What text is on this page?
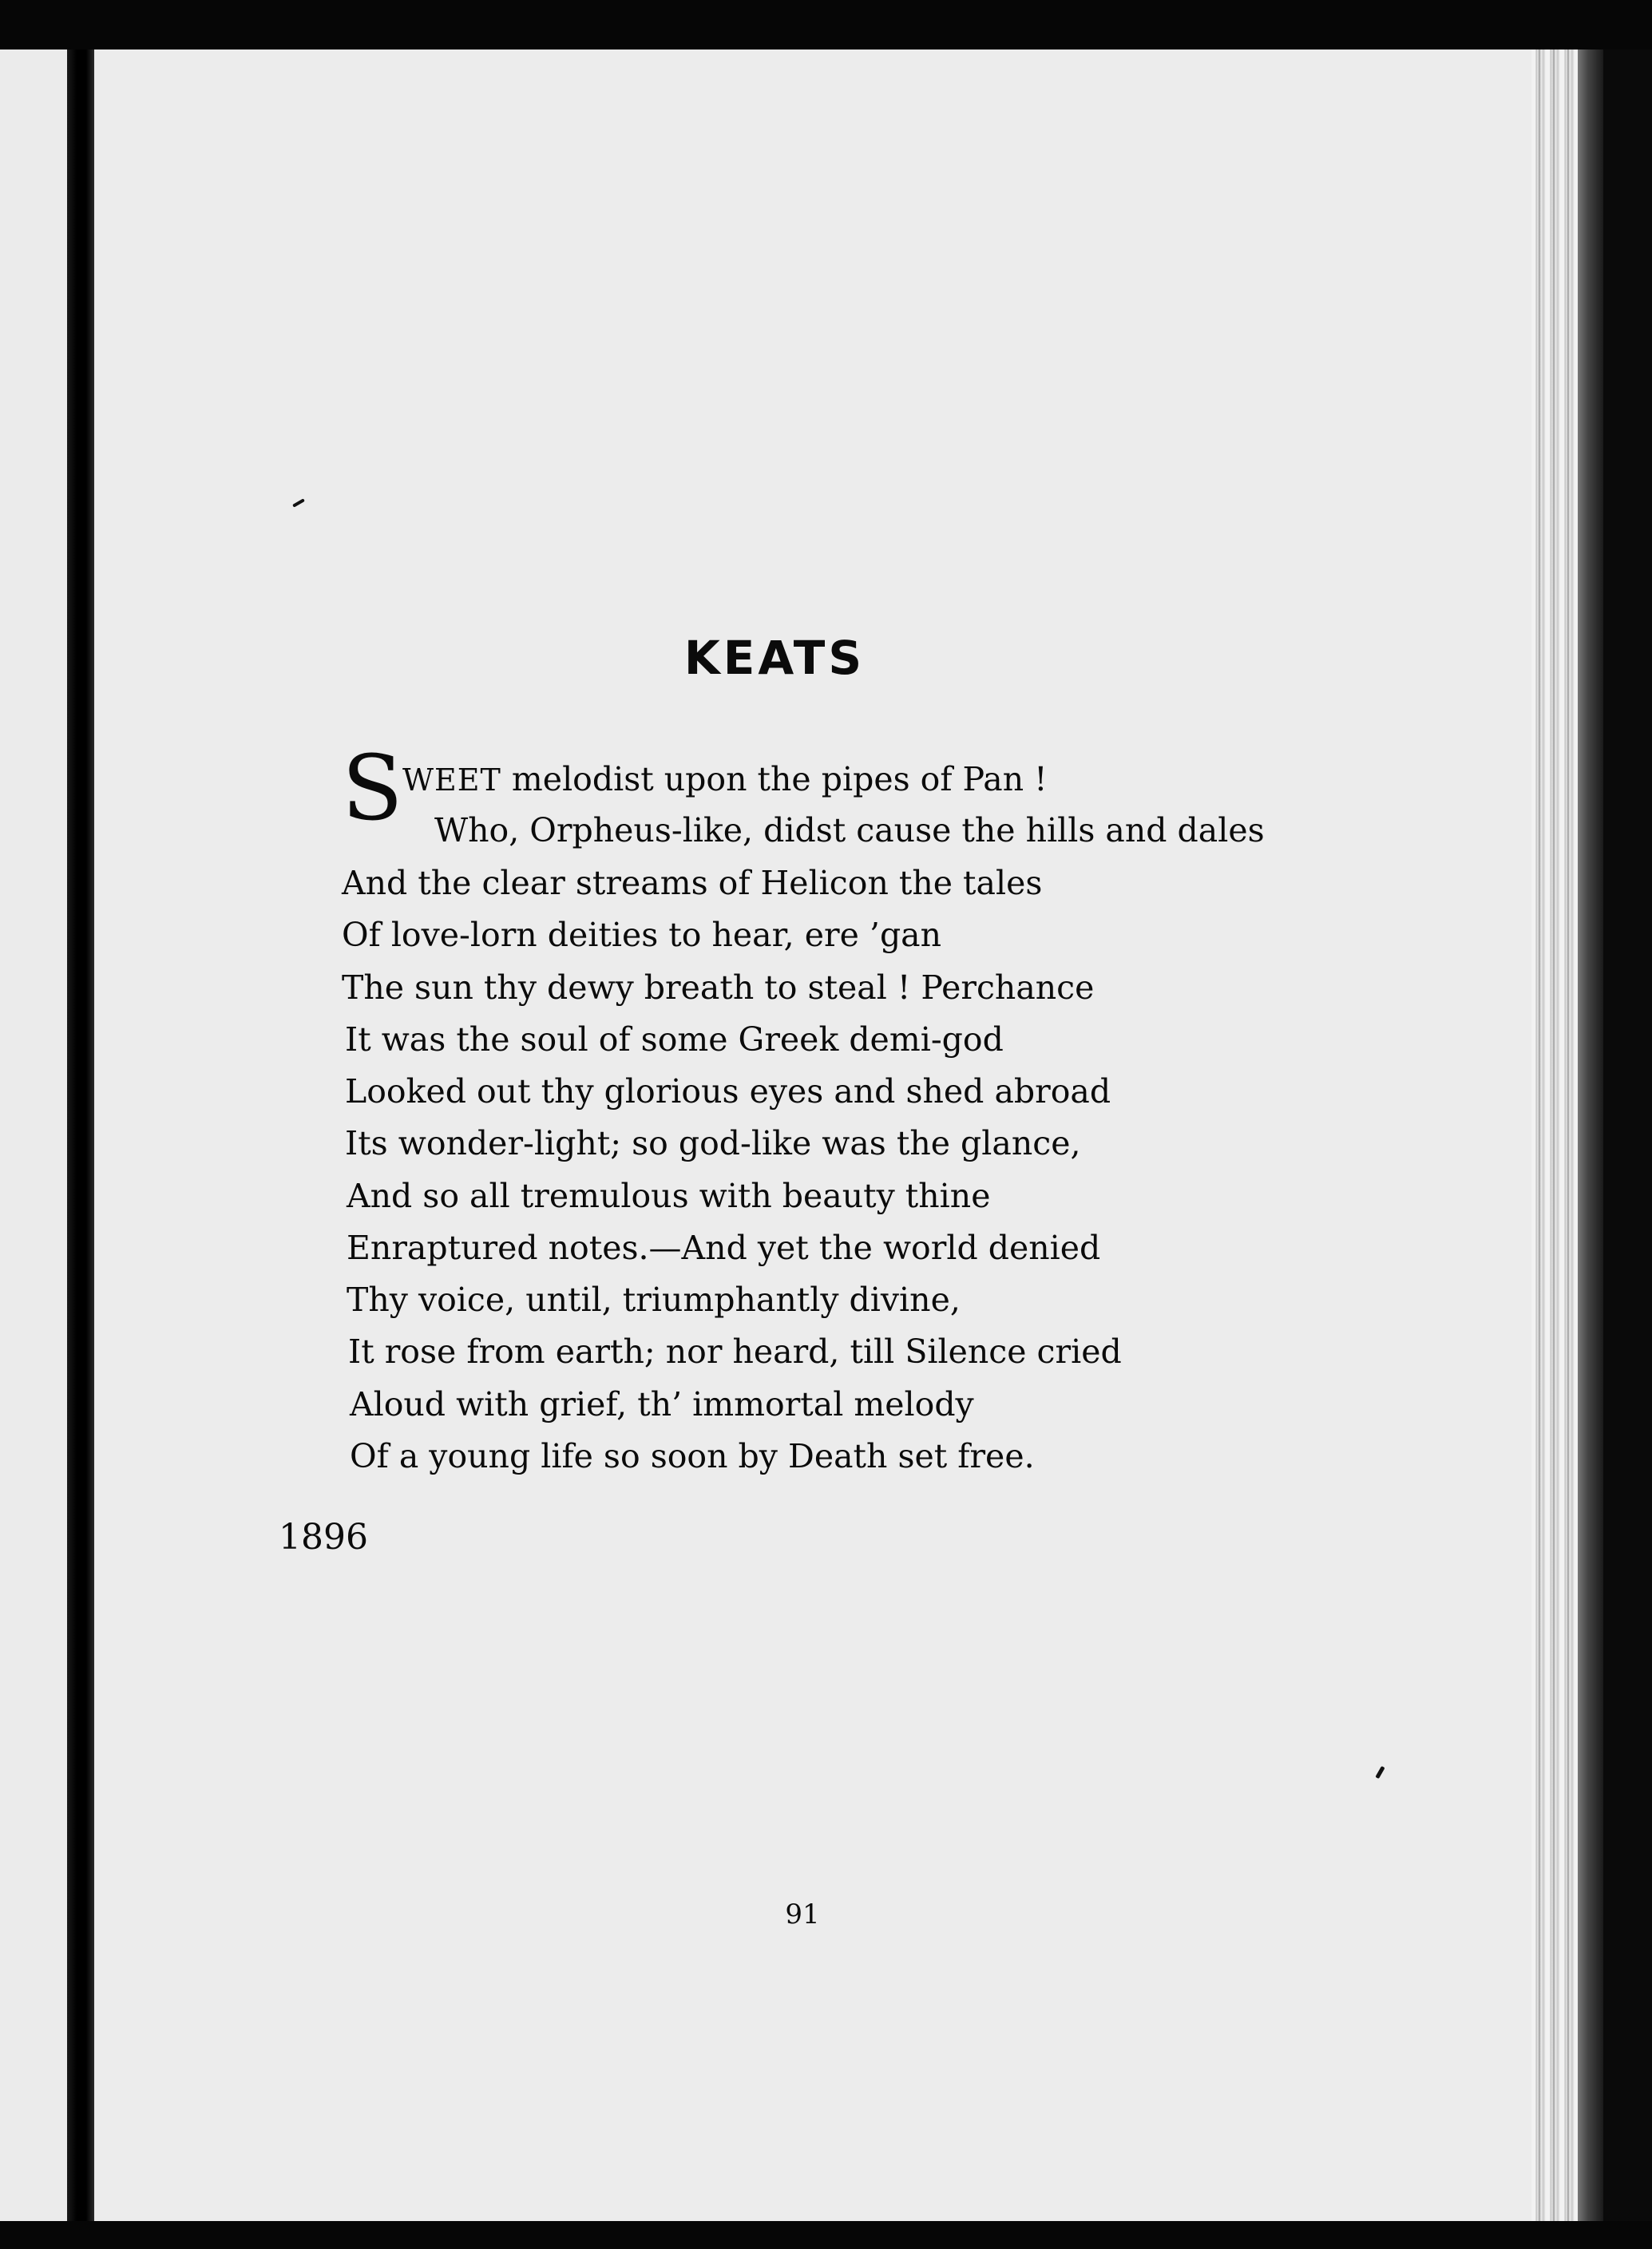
KEATS
S WEET melodist upon the pipes of Pan !
Who, Orpheus-like, didst cause the hills and dales
And the clear streams of Helicon the tales
Of love-lorn deities to hear, ere ’gan
The sun thy dewy breath to steal ! Perchance
It was the soul of some Greek demi-god
Looked out thy glorious eyes and shed abroad
Its wonder-light; so god-like was the glance,
And so all tremulous with beauty thine
Enraptured notes.—And yet the world denied
Thy voice, until, triumphantly divine,
It rose from earth; nor heard, till Silence cried
Aloud with grief, th’ immortal melody
Of a young life so soon by Death set free.
1896
91
